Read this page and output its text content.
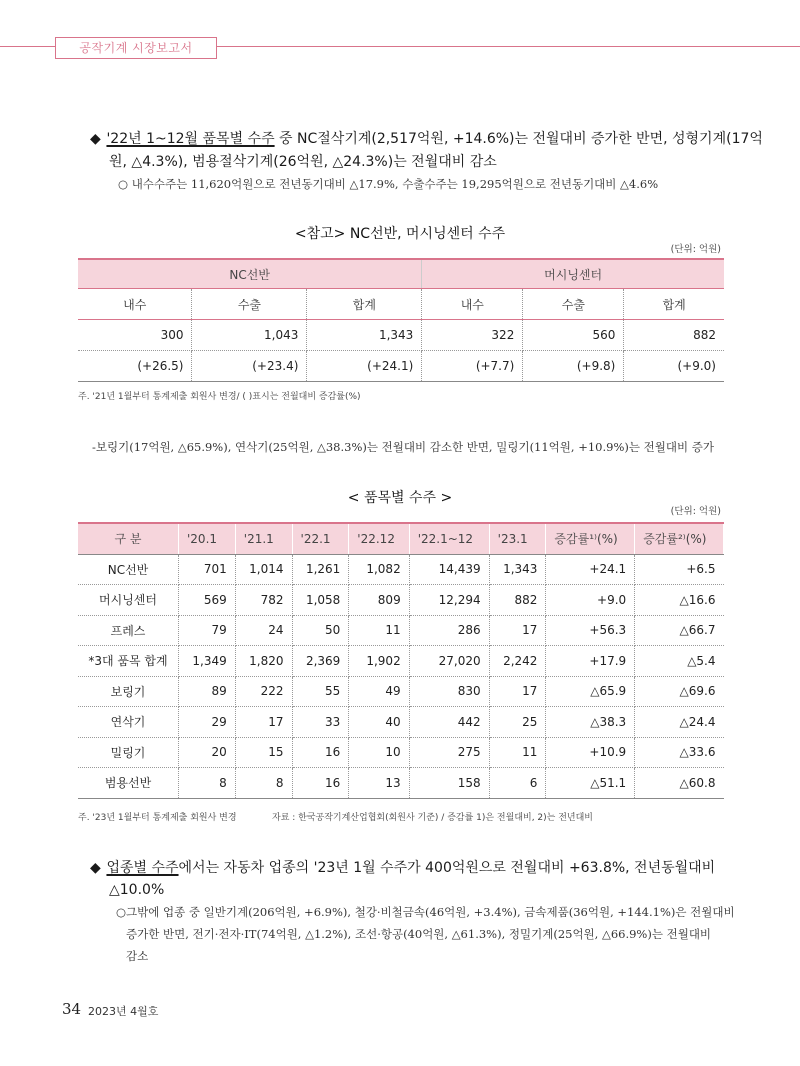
공작기계 시장보고서
◆ '22년 1~12월 품목별 수주 중 NC절삭기계(2,517억원, +14.6%)는 전월대비 증가한 반면, 성형기계(17억
원, △4.3%), 범용절삭기계(26억원, △24.3%)는 전월대비 감소
○ 내수수주는 11,620억원으로 전년동기대비 △17.9%, 수출수주는 19,295억원으로 전년동기대비 △4.6%
<참고> NC선반, 머시닝센터 수주
(단위: 억원)
NC선반			머시닝센터		
내수	수출	합계	내수	수출	합계
300	1,043	1,343	322	560	882
(+26.5)	(+23.4)	(+24.1)	(+7.7)	(+9.8)	(+9.0)
주. '21년 1월부터 통계제출 회원사 변경/ ( )표시는 전월대비 증감률(%)
-보링기(17억원, △65.9%), 연삭기(25억원, △38.3%)는 전월대비 감소한 반면, 밀링기(11억원, +10.9%)는 전월대비 증가
< 품목별 수주 >
(단위: 억원)
구 분	'20.1	'21.1	'22.1	'22.12	'22.1~12	'23.1	증감률¹⁾(%)	증감률²⁾(%)
NC선반	701	1,014	1,261	1,082	14,439	1,343	+24.1	+6.5
머시닝센터	569	782	1,058	809	12,294	882	+9.0	△16.6
프레스	79	24	50	11	286	17	+56.3	△66.7
*3대 품목 합계	1,349	1,820	2,369	1,902	27,020	2,242	+17.9	△5.4
보링기	89	222	55	49	830	17	△65.9	△69.6
연삭기	29	17	33	40	442	25	△38.3	△24.4
밀링기	20	15	16	10	275	11	+10.9	△33.6
범용선반	8	8	16	13	158	6	△51.1	△60.8
주. '23년 1월부터 통계제출 회원사 변경	자료 : 한국공작기계산업협회(회원사 기준) / 증감률 1)은 전월대비, 2)는 전년대비
◆ 업종별 수주에서는 자동차 업종의 '23년 1월 수주가 400억원으로 전월대비 +63.8%, 전년동월대비
△10.0%
○그밖에 업종 중 일반기계(206억원, +6.9%), 철강·비철금속(46억원, +3.4%), 금속제품(36억원, +144.1%)은 전월대비
증가한 반면, 전기·전자·IT(74억원, △1.2%), 조선·항공(40억원, △61.3%), 정밀기계(25억원, △66.9%)는 전월대비
감소
34 2023년 4월호
